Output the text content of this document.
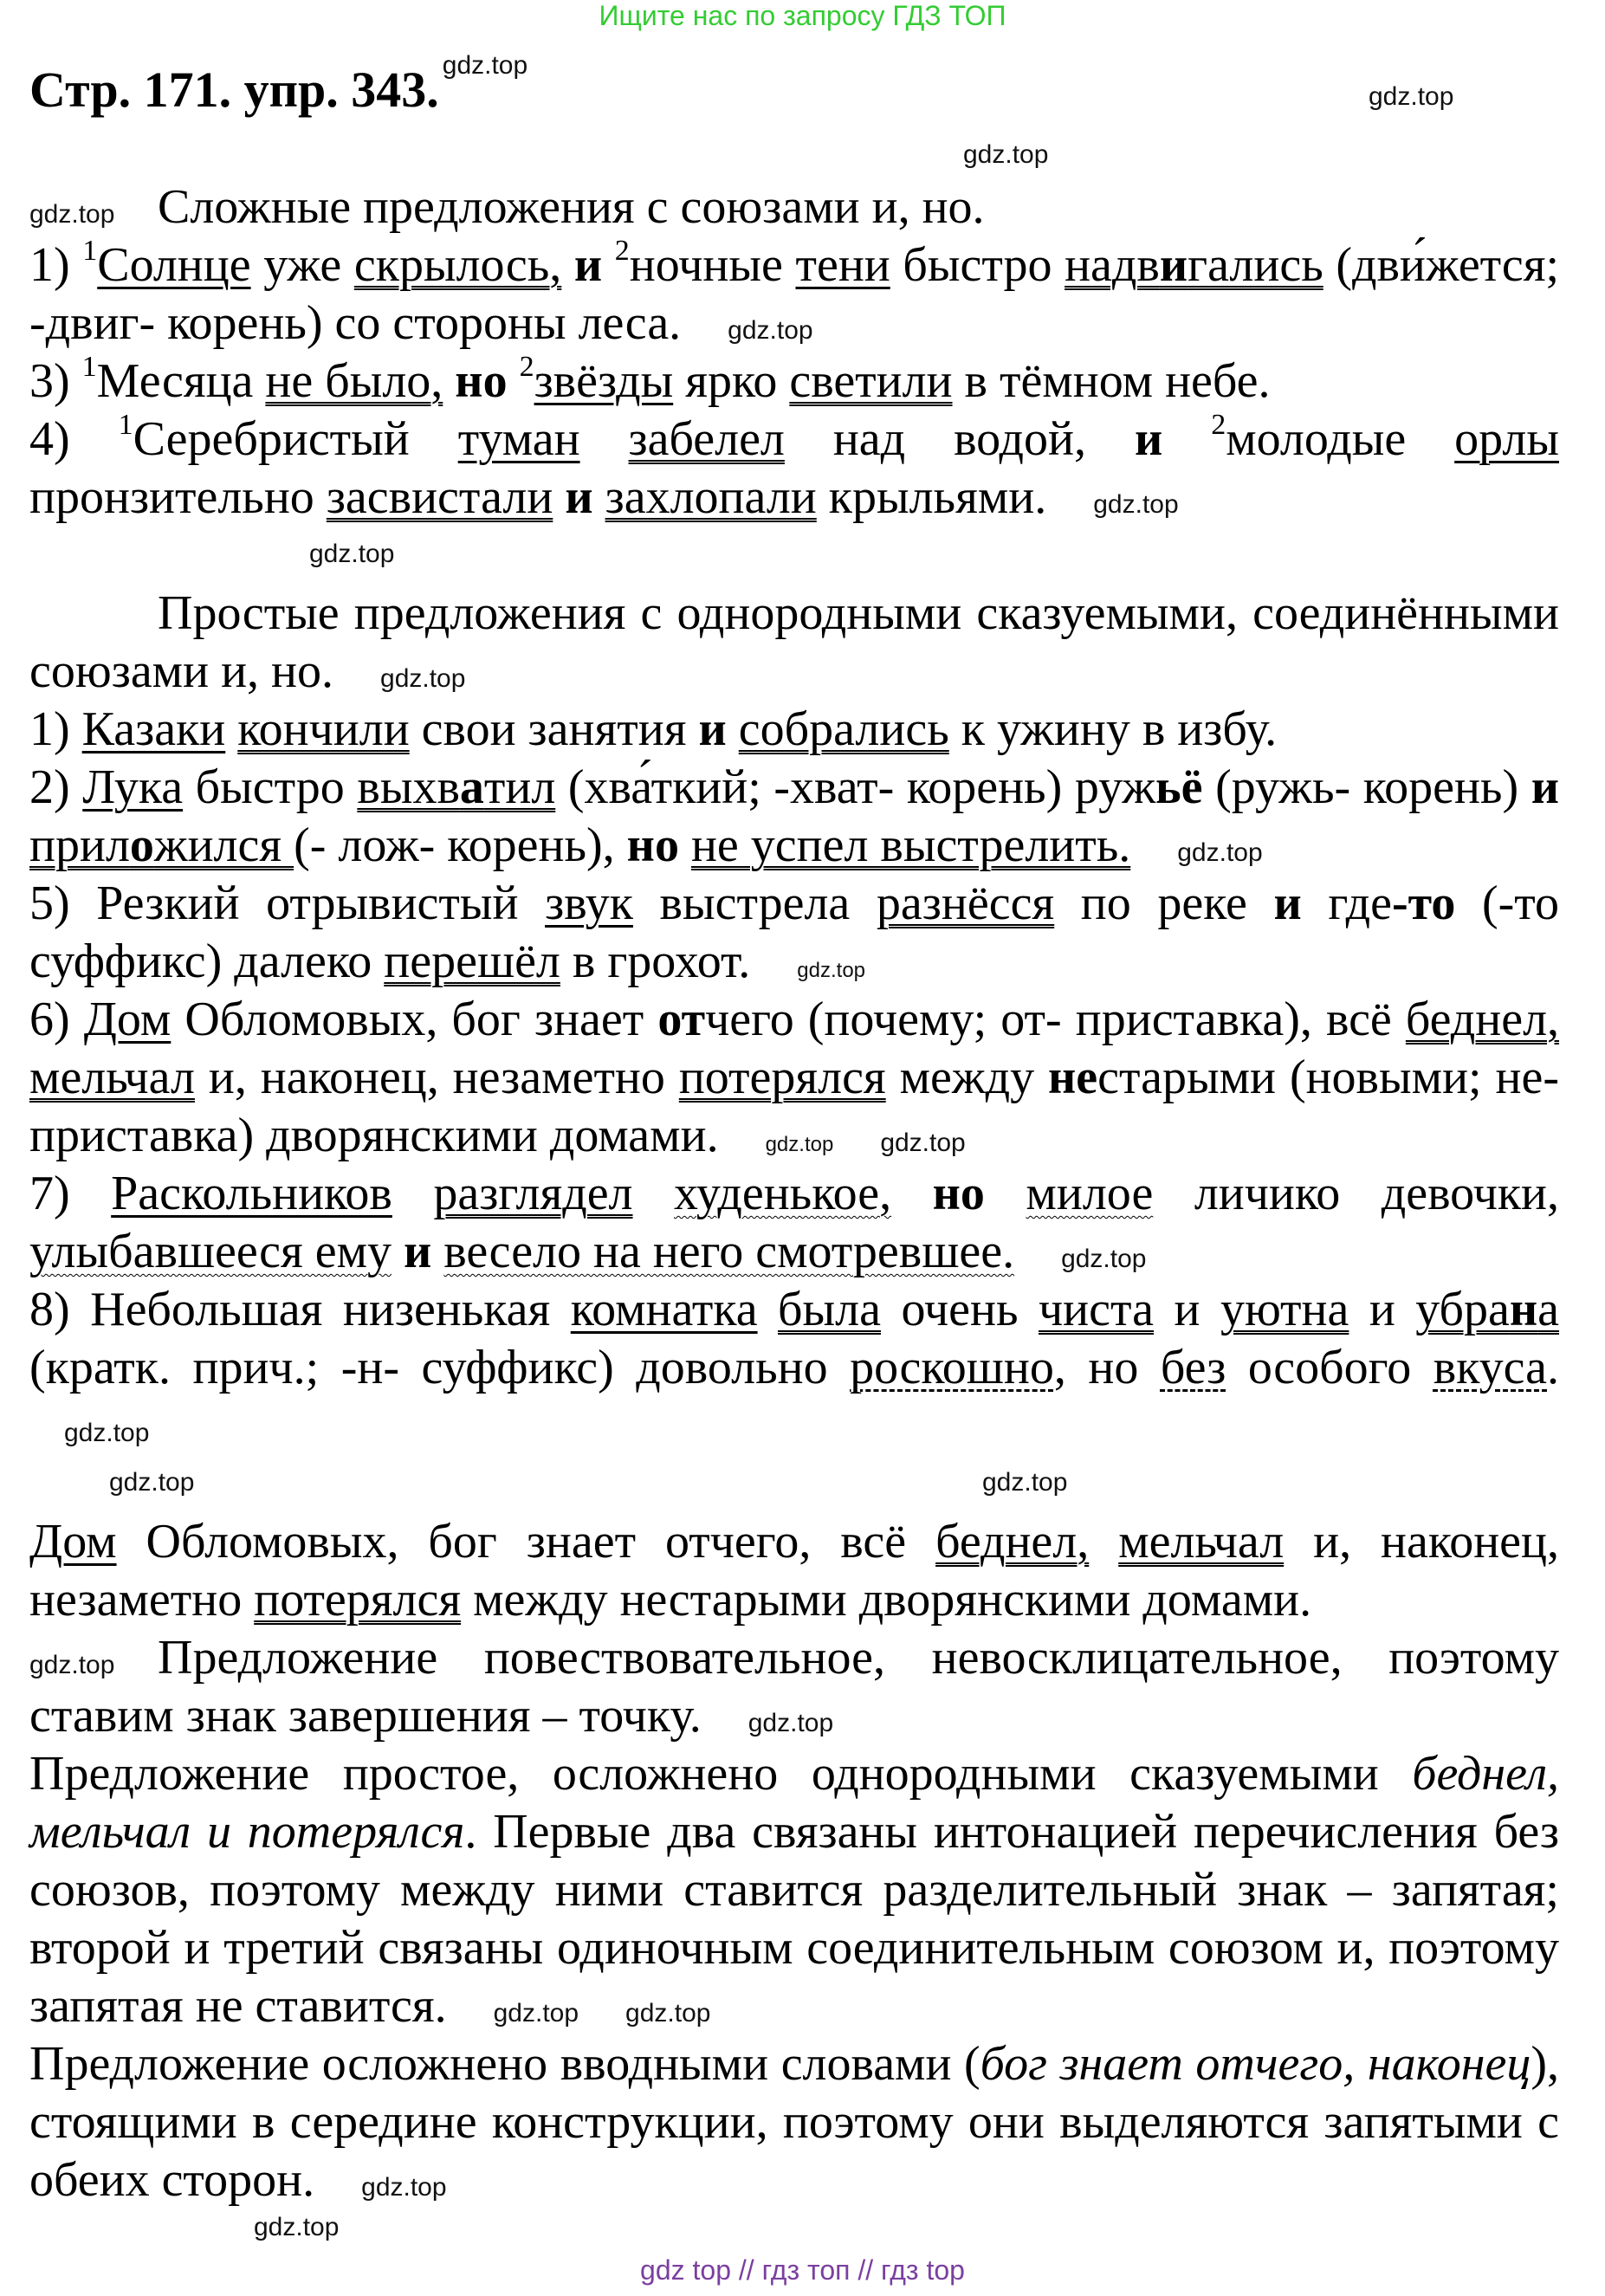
Ищите нас по запросу ГДЗ ТОП
Стр. 171. упр. 343. $^{gdz.top}$
gdz.top
gdz.top

gdz.top Сложные предложения с союзами и, но.

1) $^1$Солнце уже скрылось, и $^2$ночные тени быстро надвигались (дви́жется; -двиг- корень) со стороны леса. gdz.top

3) $^1$Месяца не было, но $^2$звёзды ярко светили в тёмном небе.

4) $^1$Серебристый туман забелел над водой, и $^2$молодые орлы пронзительно засвистали и захлопали крыльями. gdz.top

gdz.top
Простые предложения с однородными сказуемыми, соединёнными союзами и, но. gdz.top

1) Казаки кончили свои занятия и собрались к ужину в избу.

2) Лука быстро выхватил (хва́ткий; -хват- корень) ружьё (ружь- корень) и приложился (- лож- корень), но не успел выстрелить. gdz.top

5) Резкий отрывистый звук выстрела разнёсся по реке и где-то (-то суффикс) далеко перешёл в грохот. gdz.top

6) Дом Обломовых, бог знает отчего (почему; от- приставка), всё беднел, мельчал и, наконец, незаметно потерялся между нестарыми (новыми; не- приставка) дворянскими домами. gdz.top gdz.top

7) Раскольников разглядел худенькое, но милое личико девочки, улыбавшееся ему и весело на него смотревшее. gdz.top

8) Небольшая низенькая комнатка была очень чиста и уютна и убрана (кратк. прич.; -н- суффикс) довольно роскошно, но без особого вкуса. gdz.top

gdz.top	gdz.top
Дом Обломовых, бог знает отчего, всё беднел, мельчал и, наконец, незаметно потерялся между нестарыми дворянскими домами.

gdz.top Предложение повествовательное, невосклицательное, поэтому ставим знак завершения – точку. gdz.top

Предложение простое, осложнено однородными сказуемыми беднел, мельчал и потерялся. Первые два связаны интонацией перечисления без союзов, поэтому между ними ставится разделительный знак – запятая; второй и третий связаны одиночным соединительным союзом и, поэтому запятая не ставится. gdz.top gdz.top

Предложение осложнено вводными словами (бог знает отчего, наконец), стоящими в середине конструкции, поэтому они выделяются запятыми с обеих сторон. gdz.top

gdz.top
gdz top // гдз топ // гдз top
